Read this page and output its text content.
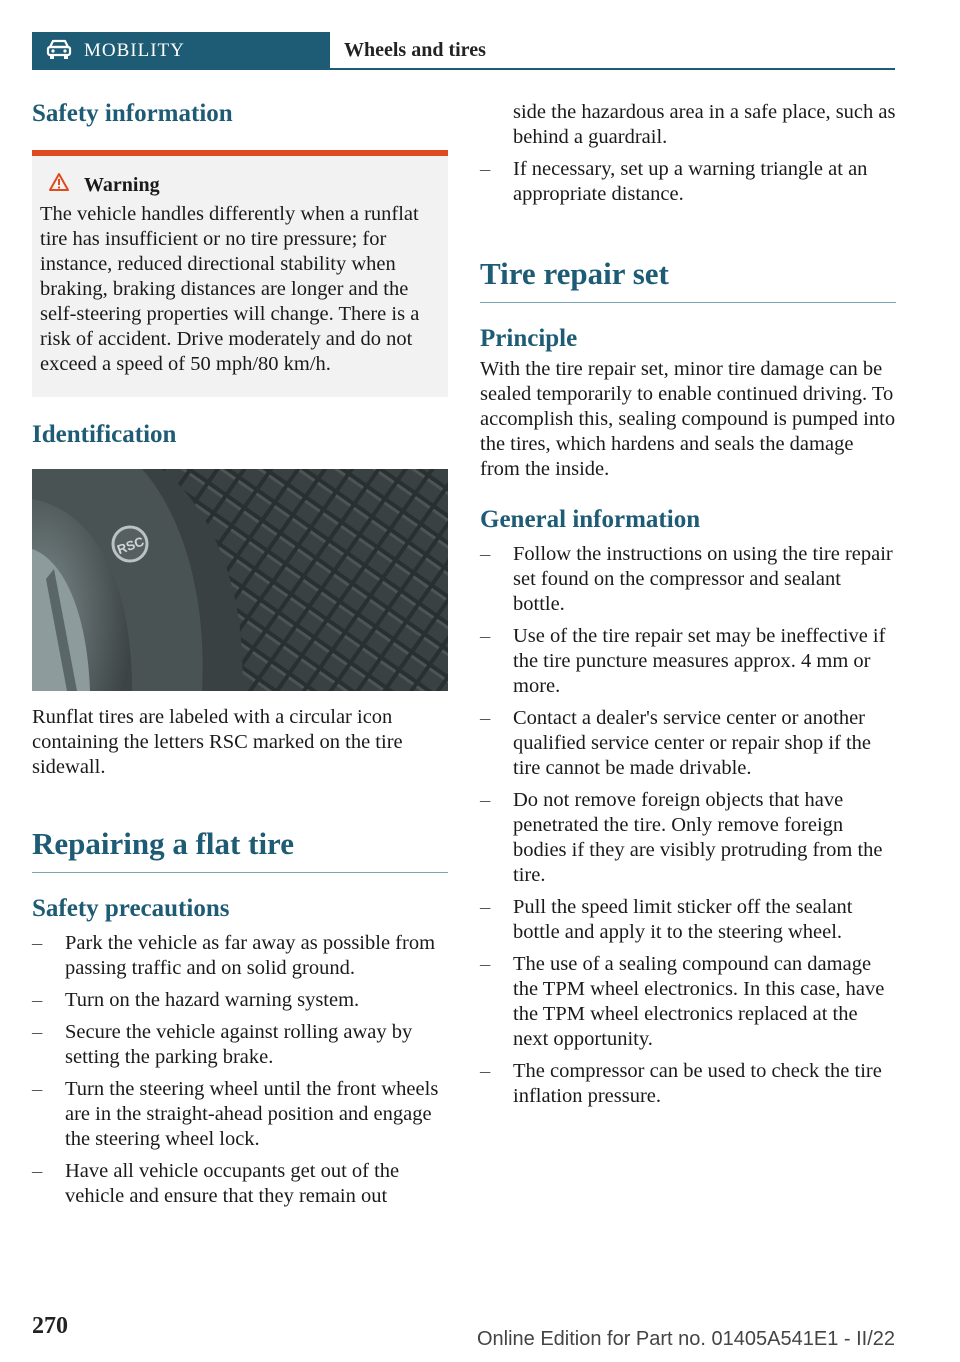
MOBILITY	Wheels and tires
Safety information
Warning

The vehicle handles differently when a runflat tire has insufficient or no tire pressure; for instance, reduced directional stability when braking, braking distances are longer and the self-steering properties will change. There is a risk of accident. Drive moderately and do not exceed a speed of 50 mph/80 km/h.

Identification
RSC

Runflat tires are labeled with a circular icon containing the letters RSC marked on the tire sidewall.

Repairing a flat tire
Safety precautions
– Park the vehicle as far away as possible from passing traffic and on solid ground.
– Turn on the hazard warning system.
– Secure the vehicle against rolling away by setting the parking brake.
– Turn the steering wheel until the front wheels are in the straight-ahead position and engage the steering wheel lock.
– Have all vehicle occupants get out of the vehicle and ensure that they remain out
side the hazardous area in a safe place, such as behind a guardrail.
– If necessary, set up a warning triangle at an appropriate distance.
Tire repair set
Principle

With the tire repair set, minor tire damage can be sealed temporarily to enable continued driving. To accomplish this, sealing compound is pumped into the tires, which hardens and seals the damage from the inside.

General information
– Follow the instructions on using the tire repair set found on the compressor and sealant bottle.
– Use of the tire repair set may be ineffective if the tire puncture measures approx. 4 mm or more.
– Contact a dealer's service center or another qualified service center or repair shop if the tire cannot be made drivable.
– Do not remove foreign objects that have penetrated the tire. Only remove foreign bodies if they are visibly protruding from the tire.
– Pull the speed limit sticker off the sealant bottle and apply it to the steering wheel.
– The use of a sealing compound can damage the TPM wheel electronics. In this case, have the TPM wheel electronics replaced at the next opportunity.
– The compressor can be used to check the tire inflation pressure.
270	Online Edition for Part no. 01405A541E1 - II/22
